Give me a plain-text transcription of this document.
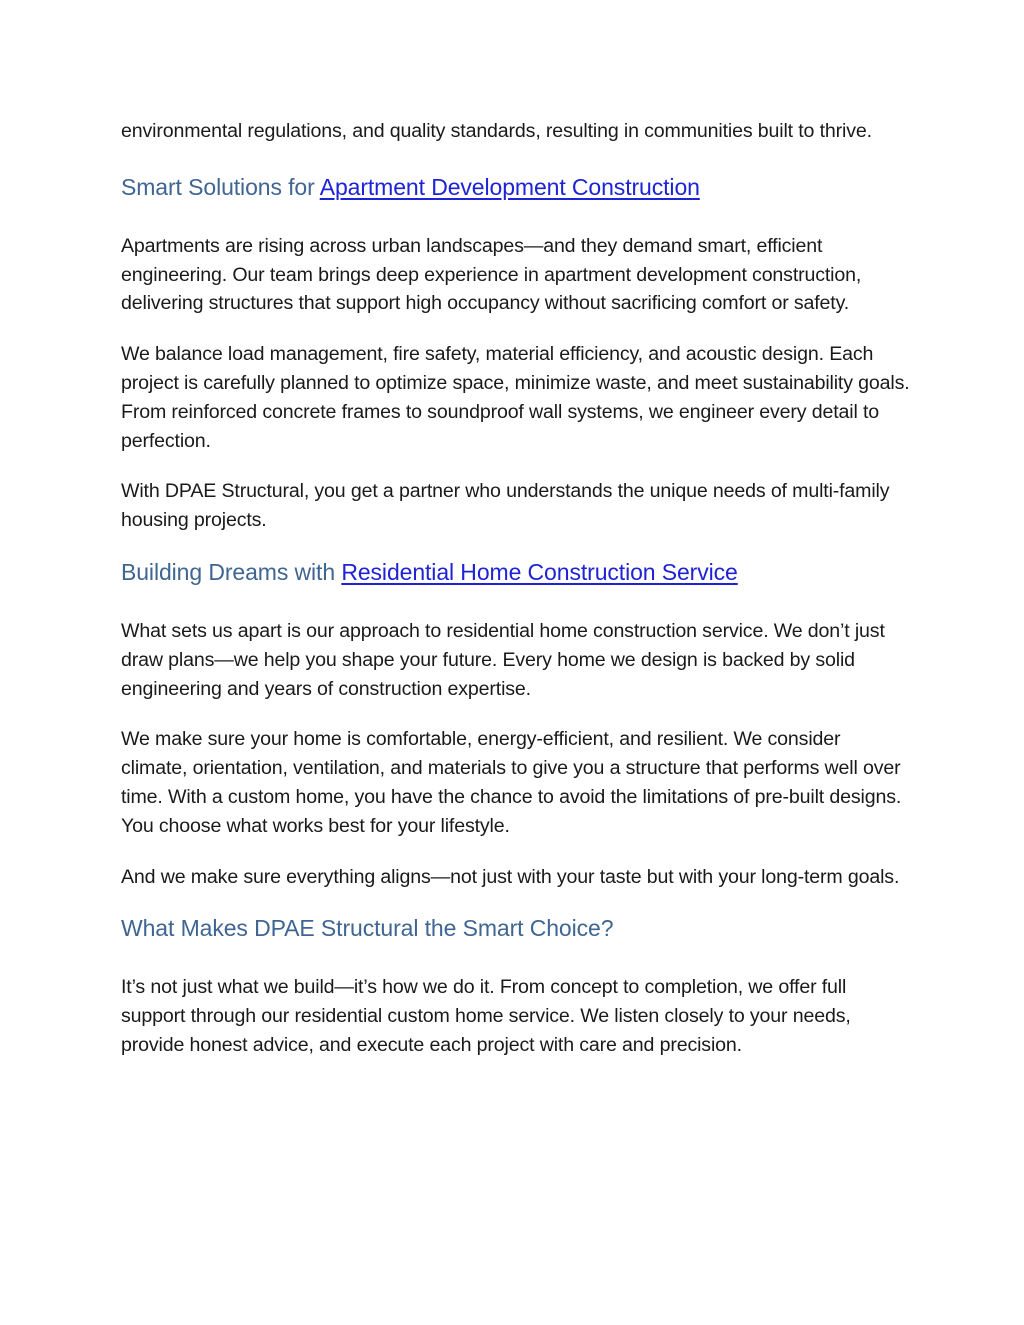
environmental regulations, and quality standards, resulting in communities built to thrive.

Smart Solutions for Apartment Development Construction

Apartments are rising across urban landscapes—and they demand smart, efficient engineering. Our team brings deep experience in apartment development construction, delivering structures that support high occupancy without sacrificing comfort or safety.

We balance load management, fire safety, material efficiency, and acoustic design. Each project is carefully planned to optimize space, minimize waste, and meet sustainability goals. From reinforced concrete frames to soundproof wall systems, we engineer every detail to perfection.

With DPAE Structural, you get a partner who understands the unique needs of multi-family housing projects.

Building Dreams with Residential Home Construction Service

What sets us apart is our approach to residential home construction service. We don’t just draw plans—we help you shape your future. Every home we design is backed by solid engineering and years of construction expertise.

We make sure your home is comfortable, energy-efficient, and resilient. We consider climate, orientation, ventilation, and materials to give you a structure that performs well over time. With a custom home, you have the chance to avoid the limitations of pre-built designs. You choose what works best for your lifestyle.

And we make sure everything aligns—not just with your taste but with your long-term goals.

What Makes DPAE Structural the Smart Choice?

It’s not just what we build—it’s how we do it. From concept to completion, we offer full support through our residential custom home service. We listen closely to your needs, provide honest advice, and execute each project with care and precision.
